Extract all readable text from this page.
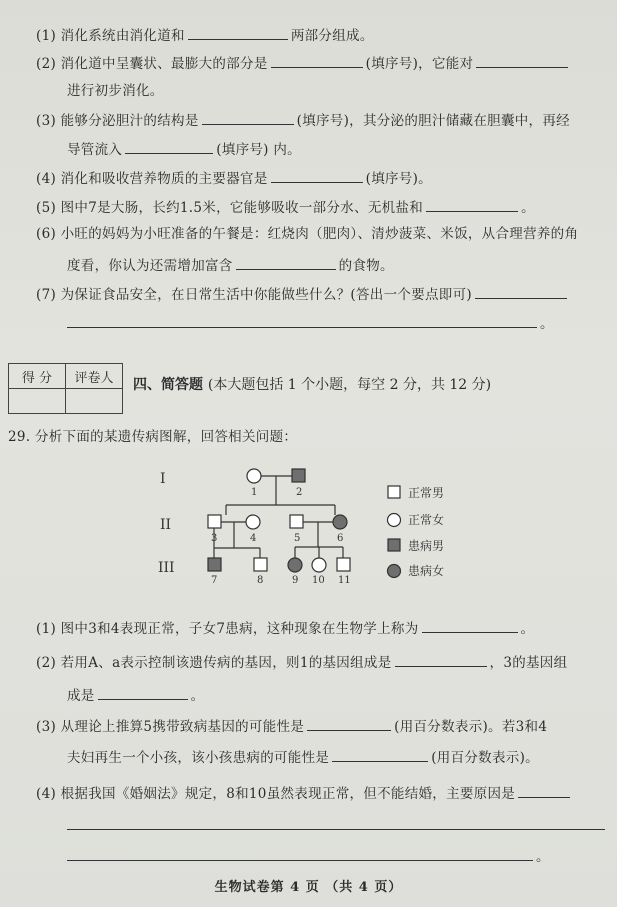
(1) 消化系统由消化道和	两部分组成。
(2) 消化道中呈囊状、最膨大的部分是	(填序号)，它能对
进行初步消化。
(3) 能够分泌胆汁的结构是	(填序号)，其分泌的胆汁储藏在胆囊中，再经
导管流入	(填序号) 内。
(4) 消化和吸收营养物质的主要器官是	(填序号)。
(5) 图中7是大肠，长约1.5米，它能够吸收一部分水、无机盐和	。
(6) 小旺的妈妈为小旺准备的午餐是：红烧肉（肥肉）、清炒菠菜、米饭，从合理营养的角
度看，你认为还需增加富含	的食物。
(7) 为保证食品安全，在日常生活中你能做些什么？(答出一个要点即可)
。
得 分	评卷人
	四、简答题 (本大题包括 1 个小题，每空 2 分，共 12 分)
29. 分析下面的某遗传病图解，回答相关问题：
I
II
III
1	2
3	4	5	6
7	8	9 10 11
正常男
正常女
患病男
患病女
(1) 图中3和4表现正常，子女7患病，这种现象在生物学上称为	。
(2) 若用A、a表示控制该遗传病的基因，则1的基因组成是	，3的基因组
成是	。
(3) 从理论上推算5携带致病基因的可能性是	(用百分数表示)。若3和4
夫妇再生一个小孩，该小孩患病的可能性是	(用百分数表示)。
(4) 根据我国《婚姻法》规定，8和10虽然表现正常，但不能结婚，主要原因是
。
生物试卷第 4 页 （共 4 页）
